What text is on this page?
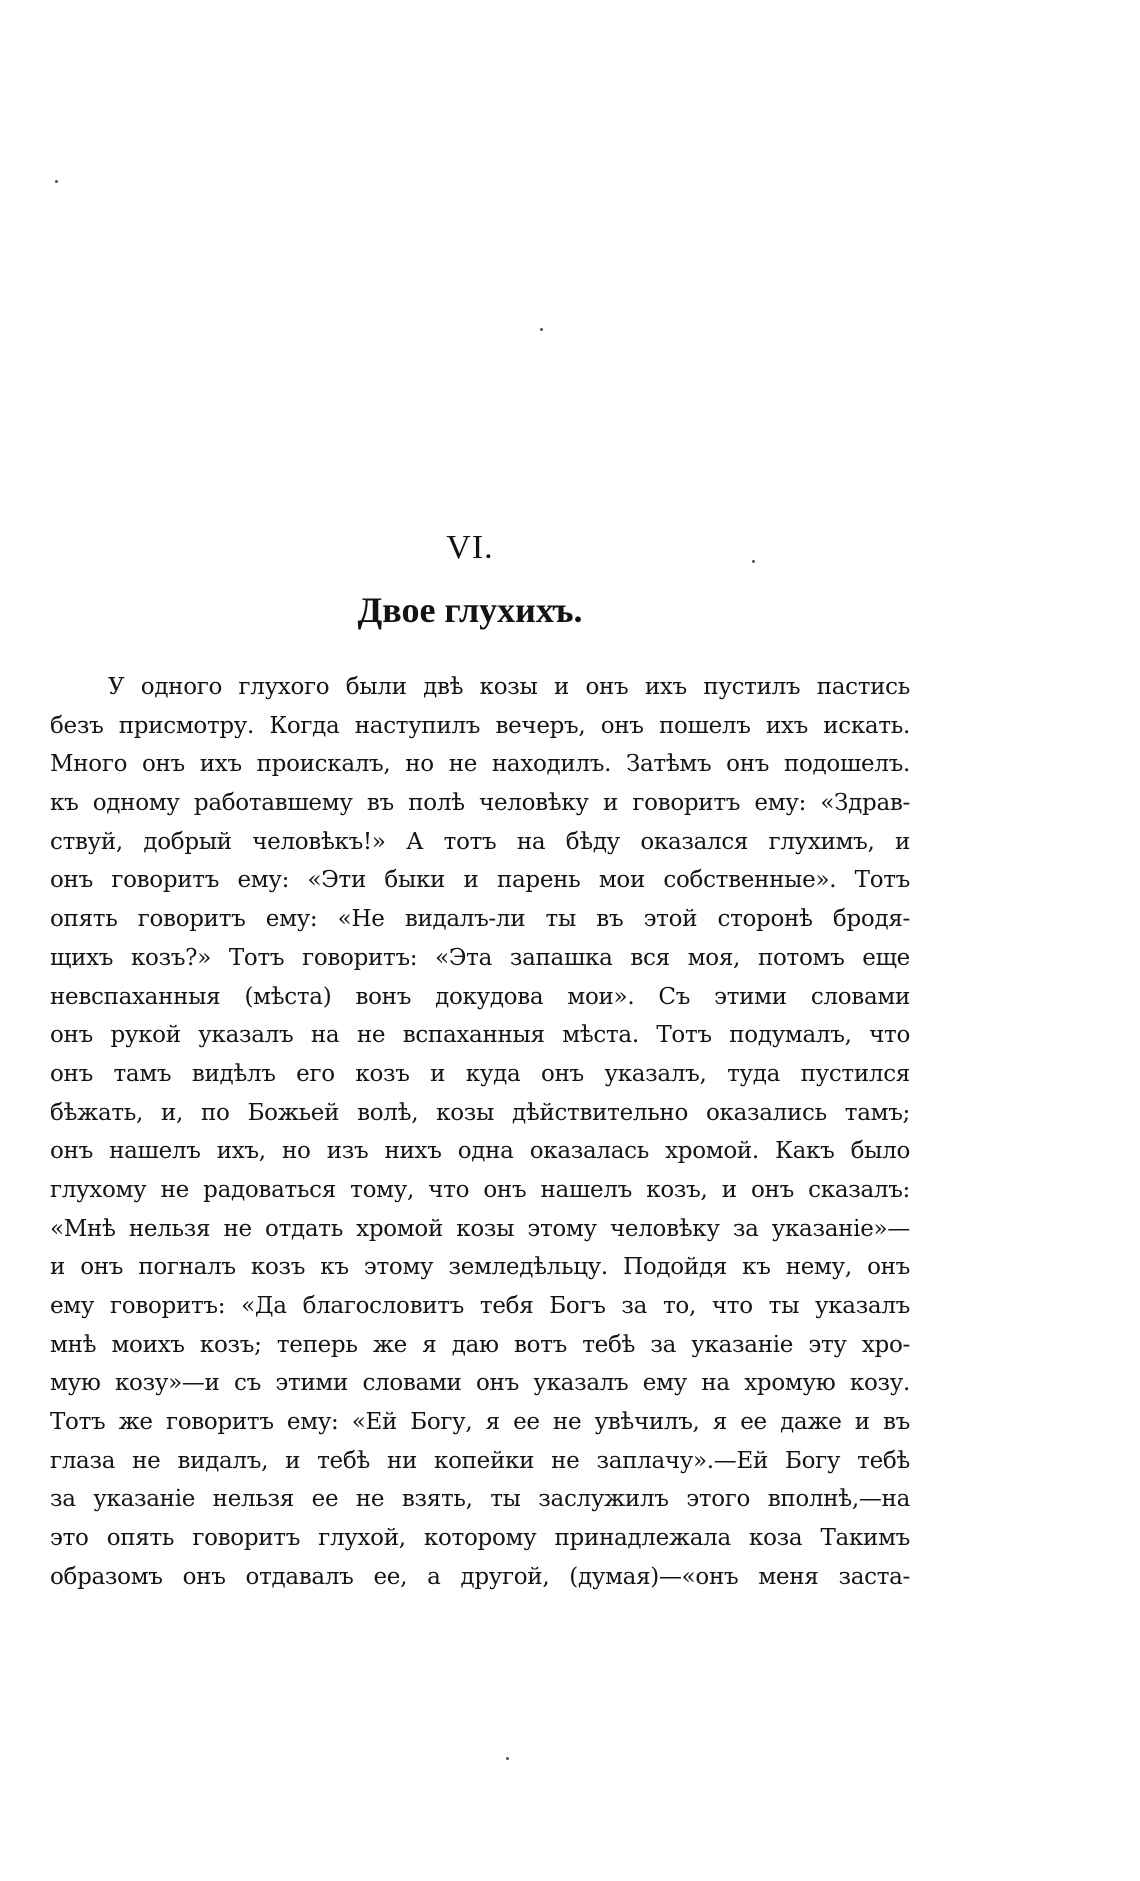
VI.
Двое глухихъ.
У одного глухого были двѣ козы и онъ ихъ пустилъ пастись
безъ присмотру. Когда наступилъ вечеръ, онъ пошелъ ихъ искать.
Много онъ ихъ проискалъ, но не находилъ. Затѣмъ онъ подошелъ.
къ одному работавшему въ полѣ человѣку и говоритъ ему: «Здрав-
ствуй, добрый человѣкъ!» А тотъ на бѣду оказался глухимъ, и
онъ говоритъ ему: «Эти быки и парень мои собственные». Тотъ
опять говоритъ ему: «Не видалъ-ли ты въ этой сторонѣ бродя-
щихъ козъ?» Тотъ говоритъ: «Эта запашка вся моя, потомъ еще
невспаханныя (мѣста) вонъ докудова мои». Съ этими словами
онъ рукой указалъ на не вспаханныя мѣста. Тотъ подумалъ, что
онъ тамъ видѣлъ его козъ и куда онъ указалъ, туда пустился
бѣжать, и, по Божьей волѣ, козы дѣйствительно оказались тамъ;
онъ нашелъ ихъ, но изъ нихъ одна оказалась хромой. Какъ было
глухому не радоваться тому, что онъ нашелъ козъ, и онъ сказалъ:
«Мнѣ нельзя не отдать хромой козы этому человѣку за указаніе»—
и онъ погналъ козъ къ этому земледѣльцу. Подойдя къ нему, онъ
ему говоритъ: «Да благословитъ тебя Богъ за то, что ты указалъ
мнѣ моихъ козъ; теперь же я даю вотъ тебѣ за указаніе эту хро-
мую козу»—и съ этими словами онъ указалъ ему на хромую козу.
Тотъ же говоритъ ему: «Ей Богу, я ее не увѣчилъ, я ее даже и въ
глаза не видалъ, и тебѣ ни копейки не заплачу».—Ей Богу тебѣ
за указаніе нельзя ее не взять, ты заслужилъ этого вполнѣ,—на
это опять говоритъ глухой, которому принадлежала коза Такимъ
образомъ онъ отдавалъ ее, а другой, (думая)—«онъ меня заста-
